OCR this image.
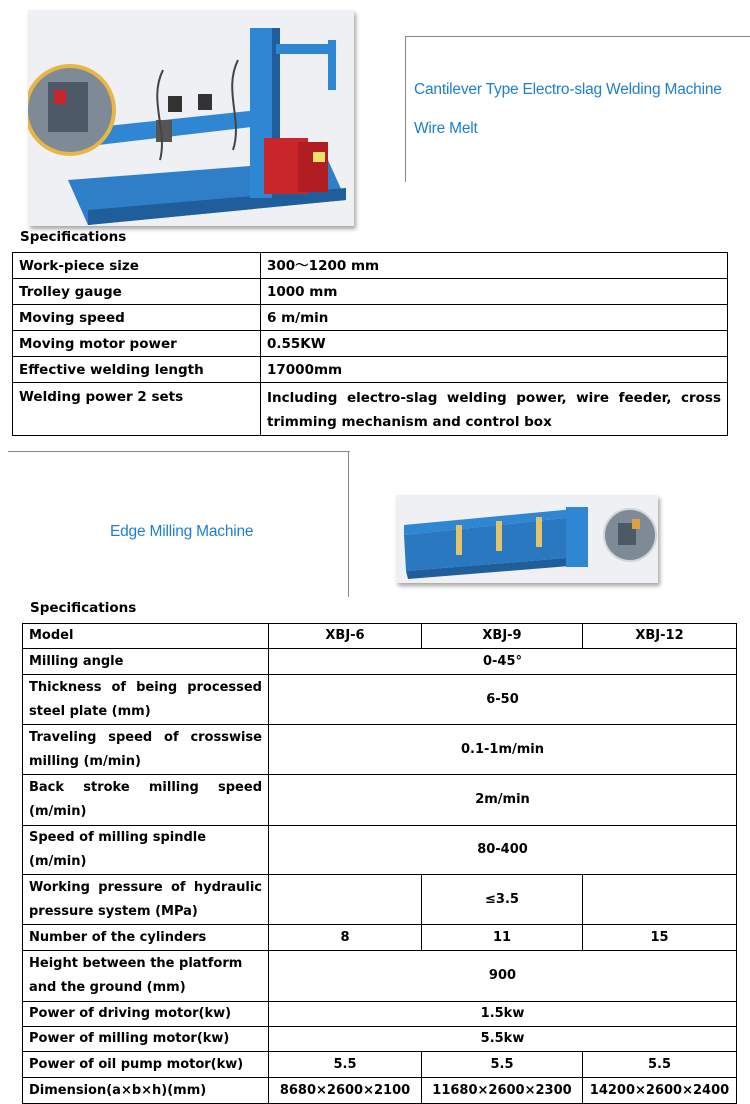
Cantilever Type Electro-slag Welding Machine
Wire Melt
Specifications
Work-piece size	300～1200 mm
Trolley gauge	1000 mm
Moving speed	6 m/min
Moving motor power	0.55KW
Effective welding length	17000mm
Welding power 2 sets	Including electro-slag welding power, wire feeder, cross trimming mechanism and control box
Edge Milling Machine
Specifications
Model	XBJ-6	XBJ-9	XBJ-12
Milling angle	0-45°		
Thickness of being processed steel plate (mm)	6-50		
Traveling speed of crosswise milling (m/min)	0.1-1m/min		
Back stroke milling speed (m/min)	2m/min		
Speed of milling spindle (m/min)	80-400		
Working pressure of hydraulic pressure system (MPa)		≤3.5	
Number of the cylinders	8	11	15
Height between the platform and the ground (mm)	900		
Power of driving motor(kw)	1.5kw		
Power of milling motor(kw)	5.5kw		
Power of oil pump motor(kw)	5.5	5.5	5.5
Dimension(a×b×h)(mm)	8680×2600×2100	11680×2600×2300	14200×2600×2400
